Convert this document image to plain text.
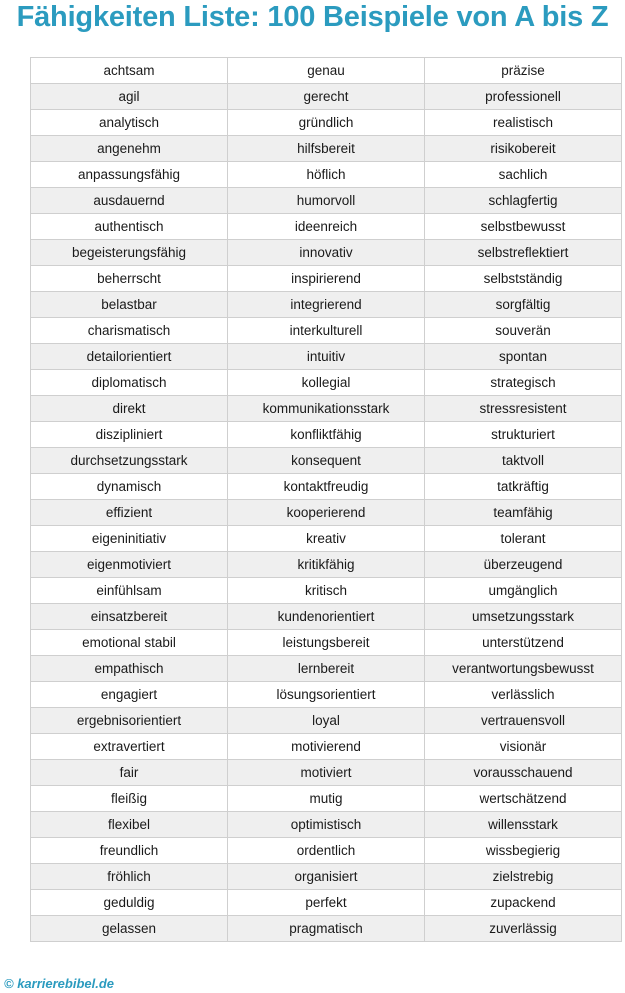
Fähigkeiten Liste: 100 Beispiele von A bis Z
achtsam	genau	präzise
agil	gerecht	professionell
analytisch	gründlich	realistisch
angenehm	hilfsbereit	risikobereit
anpassungsfähig	höflich	sachlich
ausdauernd	humorvoll	schlagfertig
authentisch	ideenreich	selbstbewusst
begeisterungsfähig	innovativ	selbstreflektiert
beherrscht	inspirierend	selbstständig
belastbar	integrierend	sorgfältig
charismatisch	interkulturell	souverän
detailorientiert	intuitiv	spontan
diplomatisch	kollegial	strategisch
direkt	kommunikationsstark	stressresistent
diszipliniert	konfliktfähig	strukturiert
durchsetzungsstark	konsequent	taktvoll
dynamisch	kontaktfreudig	tatkräftig
effizient	kooperierend	teamfähig
eigeninitiativ	kreativ	tolerant
eigenmotiviert	kritikfähig	überzeugend
einfühlsam	kritisch	umgänglich
einsatzbereit	kundenorientiert	umsetzungsstark
emotional stabil	leistungsbereit	unterstützend
empathisch	lernbereit	verantwortungsbewusst
engagiert	lösungsorientiert	verlässlich
ergebnisorientiert	loyal	vertrauensvoll
extravertiert	motivierend	visionär
fair	motiviert	vorausschauend
fleißig	mutig	wertschätzend
flexibel	optimistisch	willensstark
freundlich	ordentlich	wissbegierig
fröhlich	organisiert	zielstrebig
geduldig	perfekt	zupackend
gelassen	pragmatisch	zuverlässig
© karrierebibel.de
